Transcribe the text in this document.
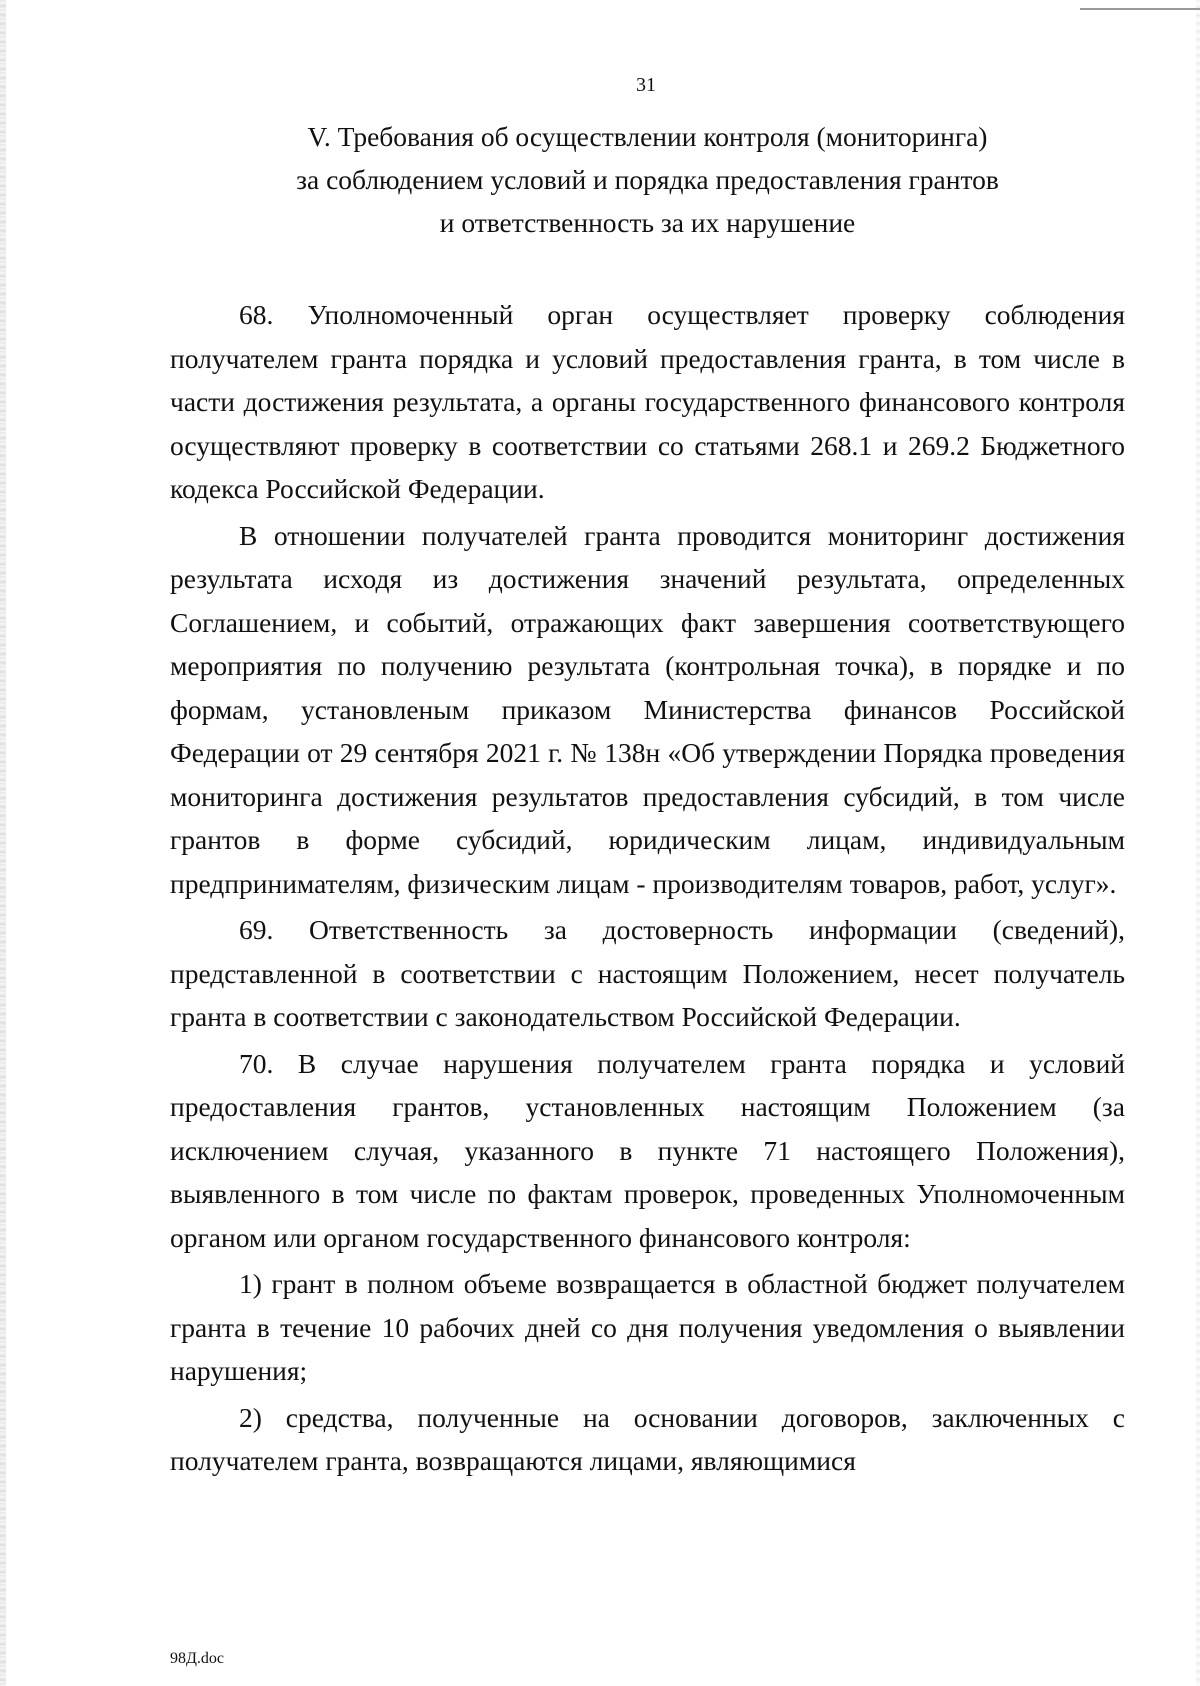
31
V. Требования об осуществлении контроля (мониторинга)
за соблюдением условий и порядка предоставления грантов
и ответственность за их нарушение

68. Уполномоченный орган осуществляет проверку соблюдения получателем гранта порядка и условий предоставления гранта, в том числе в части достижения результата, а органы государственного финансового контроля осуществляют проверку в соответствии со статьями 268.1 и 269.2 Бюджетного кодекса Российской Федерации.

В отношении получателей гранта проводится мониторинг достижения результата исходя из достижения значений результата, определенных Соглашением, и событий, отражающих факт завершения соответствующего мероприятия по получению результата (контрольная точка), в порядке и по формам, установленым приказом Министерства финансов Российской Федерации от 29 сентября 2021 г. № 138н «Об утверждении Порядка проведения мониторинга достижения результатов предоставления субсидий, в том числе грантов в форме субсидий, юридическим лицам, индивидуальным предпринимателям, физическим лицам - производителям товаров, работ, услуг».

69. Ответственность за достоверность информации (сведений), представленной в соответствии с настоящим Положением, несет получатель гранта в соответствии с законодательством Российской Федерации.

70. В случае нарушения получателем гранта порядка и условий предоставления грантов, установленных настоящим Положением (за исключением случая, указанного в пункте 71 настоящего Положения), выявленного в том числе по фактам проверок, проведенных Уполномоченным органом или органом государственного финансового контроля:

1) грант в полном объеме возвращается в областной бюджет получателем гранта в течение 10 рабочих дней со дня получения уведомления о выявлении нарушения;

2) средства, полученные на основании договоров, заключенных с получателем гранта, возвращаются лицами, являющимися

98Д.doc
